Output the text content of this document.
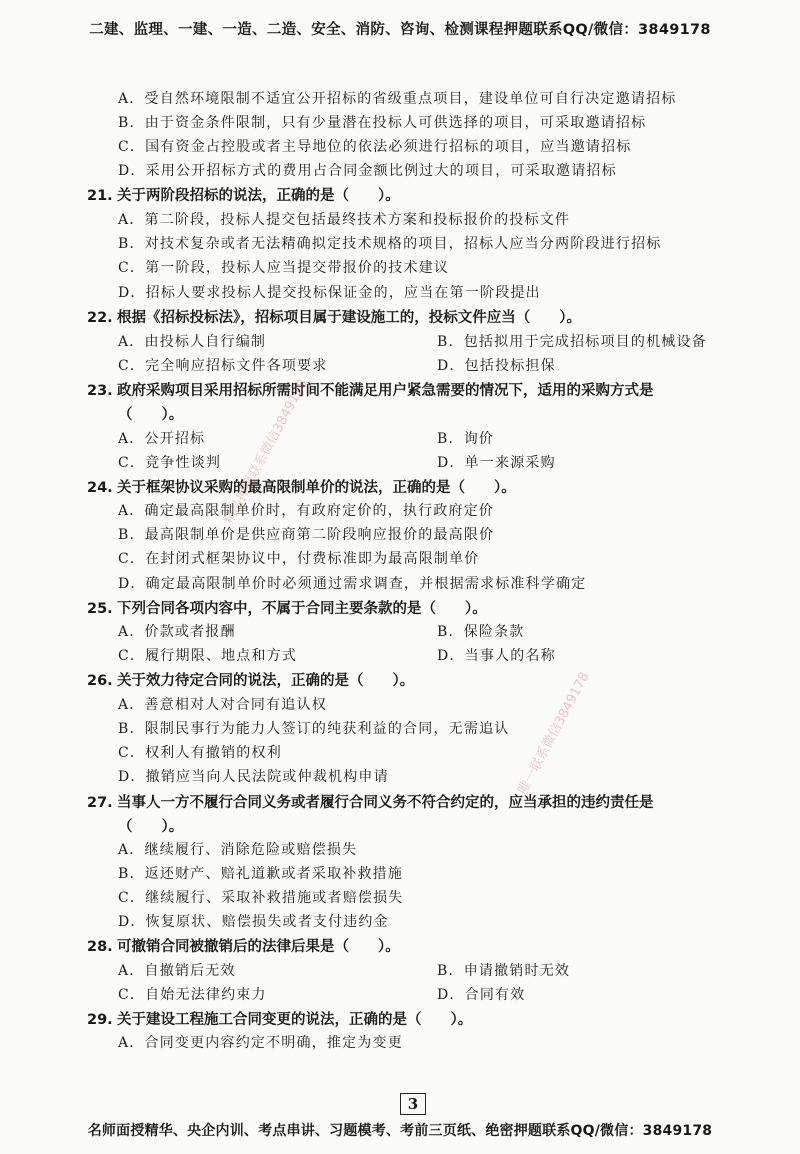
二建、监理、一建、一造、二造、安全、消防、咨询、检测课程押题联系QQ/微信：3849178
A．受自然环境限制不适宜公开招标的省级重点项目，建设单位可自行决定邀请招标
B．由于资金条件限制，只有少量潜在投标人可供选择的项目，可采取邀请招标
C．国有资金占控股或者主导地位的依法必须进行招标的项目，应当邀请招标
D．采用公开招标方式的费用占合同金额比例过大的项目，可采取邀请招标
21. 关于两阶段招标的说法，正确的是（　　）。
A．第二阶段，投标人提交包括最终技术方案和投标报价的投标文件
B．对技术复杂或者无法精确拟定技术规格的项目，招标人应当分两阶段进行招标
C．第一阶段，投标人应当提交带报价的技术建议
D．招标人要求投标人提交投标保证金的，应当在第一阶段提出
22. 根据《招标投标法》，招标项目属于建设施工的，投标文件应当（　　）。
A．由投标人自行编制	B．包括拟用于完成招标项目的机械设备
C．完全响应招标文件各项要求	D．包括投标担保
23. 政府采购项目采用招标所需时间不能满足用户紧急需要的情况下，适用的采购方式是
（　　）。
A．公开招标	B．询价
C．竞争性谈判	D．单一来源采购
24. 关于框架协议采购的最高限制单价的说法，正确的是（　　）。
A．确定最高限制单价时，有政府定价的，执行政府定价
B．最高限制单价是供应商第二阶段响应报价的最高限价
C．在封闭式框架协议中，付费标准即为最高限制单价
D．确定最高限制单价时必须通过需求调查，并根据需求标准科学确定
25. 下列合同各项内容中，不属于合同主要条款的是（　　）。
A．价款或者报酬	B．保险条款
C．履行期限、地点和方式	D．当事人的名称
26. 关于效力待定合同的说法，正确的是（　　）。
A．善意相对人对合同有追认权
B．限制民事行为能力人签订的纯获利益的合同，无需追认
C．权利人有撤销的权利
D．撤销应当向人民法院或仲裁机构申请
27. 当事人一方不履行合同义务或者履行合同义务不符合约定的，应当承担的违约责任是
（　　）。
A．继续履行、消除危险或赔偿损失
B．返还财产、赔礼道歉或者采取补救措施
C．继续履行、采取补救措施或者赔偿损失
D．恢复原状、赔偿损失或者支付违约金
28. 可撤销合同被撤销后的法律后果是（　　）。
A．自撤销后无效	B．申请撤销时无效
C．自始无法律约束力	D．合同有效
29. 关于建设工程施工合同变更的说法，正确的是（　　）。
A．合同变更内容约定不明确，推定为变更
精品押题联系微信3849178
唯一联系微信3849178
3
名师面授精华、央企内训、考点串讲、习题模考、考前三页纸、绝密押题联系QQ/微信：3849178
